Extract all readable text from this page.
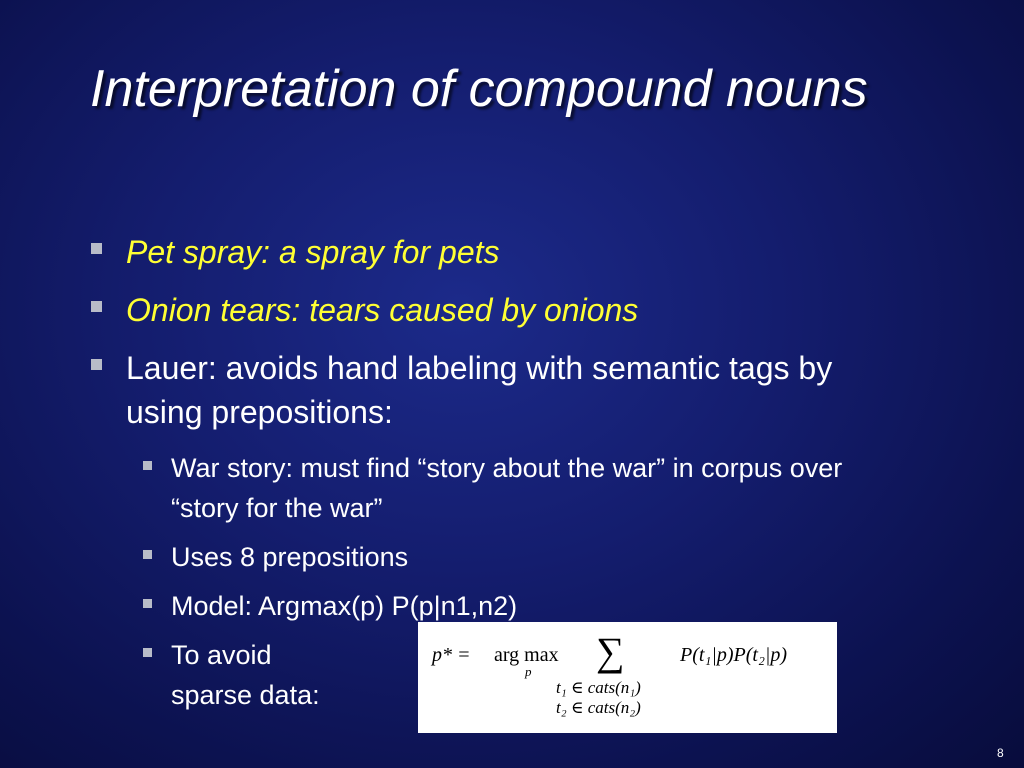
Interpretation of compound nouns
Pet spray: a spray for pets
Onion tears: tears caused by onions
Lauer: avoids hand labeling with semantic tags by using prepositions:
War story: must find “story about the war” in corpus over “story for the war”
Uses 8 prepositions
Model: Argmax(p) P(p|n1,n2)
To avoid sparse data:
p* = arg max
p ∑	P(t₁|p)P(t₂|p)
t₁ ∈ cats(n₁)
t₂ ∈ cats(n₂)
8
